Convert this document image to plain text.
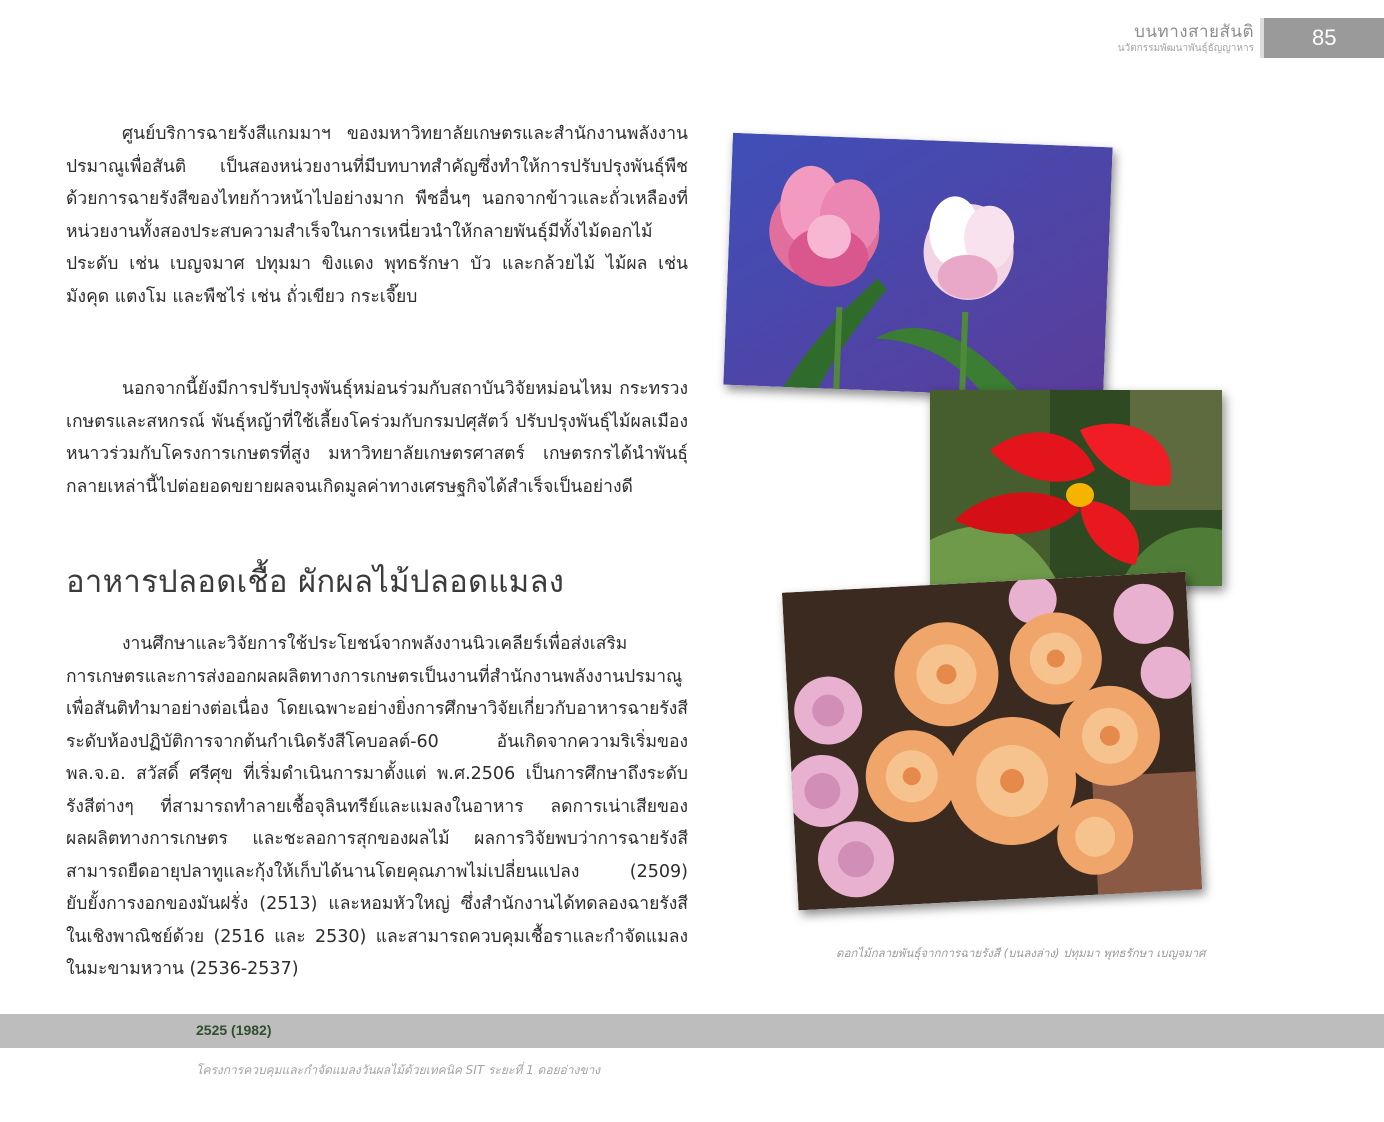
บนทางสายสันติ
นวัตกรรมพัฒนาพันธุ์ธัญญาหาร	85

ศูนย์บริการฉายรังสีแกมมาฯ ของมหาวิทยาลัยเกษตรและสำนักงานพลังงานปรมาณูเพื่อสันติ เป็นสองหน่วยงานที่มีบทบาทสำคัญซึ่งทำให้การปรับปรุงพันธุ์พืชด้วยการฉายรังสีของไทยก้าวหน้าไปอย่างมาก พืชอื่นๆ นอกจากข้าวและถั่วเหลืองที่หน่วยงานทั้งสองประสบความสำเร็จในการเหนี่ยวนำให้กลายพันธุ์มีทั้งไม้ดอกไม้ประดับ เช่น เบญจมาศ ปทุมมา ขิงแดง พุทธรักษา บัว และกล้วยไม้ ไม้ผล เช่น มังคุด แตงโม และพืชไร่ เช่น ถั่วเขียว กระเจี๊ยบ

นอกจากนี้ยังมีการปรับปรุงพันธุ์หม่อนร่วมกับสถาบันวิจัยหม่อนไหม กระทรวงเกษตรและสหกรณ์ พันธุ์หญ้าที่ใช้เลี้ยงโคร่วมกับกรมปศุสัตว์ ปรับปรุงพันธุ์ไม้ผลเมืองหนาวร่วมกับโครงการเกษตรที่สูง มหาวิทยาลัยเกษตรศาสตร์ เกษตรกรได้นำพันธุ์กลายเหล่านี้ไปต่อยอดขยายผลจนเกิดมูลค่าทางเศรษฐกิจได้สำเร็จเป็นอย่างดี

อาหารปลอดเชื้อ ผักผลไม้ปลอดแมลง

งานศึกษาและวิจัยการใช้ประโยชน์จากพลังงานนิวเคลียร์เพื่อส่งเสริมการเกษตรและการส่งออกผลผลิตทางการเกษตรเป็นงานที่สำนักงานพลังงานปรมาณูเพื่อสันติทำมาอย่างต่อเนื่อง โดยเฉพาะอย่างยิ่งการศึกษาวิจัยเกี่ยวกับอาหารฉายรังสีระดับห้องปฏิบัติการจากต้นกำเนิดรังสีโคบอลต์-60 อันเกิดจากความริเริ่มของ พล.จ.อ. สวัสดิ์ ศรีศุข ที่เริ่มดำเนินการมาตั้งแต่ พ.ศ.2506 เป็นการศึกษาถึงระดับรังสีต่างๆ ที่สามารถทำลายเชื้อจุลินทรีย์และแมลงในอาหาร ลดการเน่าเสียของผลผลิตทางการเกษตร และชะลอการสุกของผลไม้ ผลการวิจัยพบว่าการฉายรังสีสามารถยืดอายุปลาทูและกุ้งให้เก็บได้นานโดยคุณภาพไม่เปลี่ยนแปลง (2509) ยับยั้งการงอกของมันฝรั่ง (2513) และหอมหัวใหญ่ ซึ่งสำนักงานได้ทดลองฉายรังสีในเชิงพาณิชย์ด้วย (2516 และ 2530) และสามารถควบคุมเชื้อราและกำจัดแมลงในมะขามหวาน (2536-2537)

ดอกไม้กลายพันธุ์จากการฉายรังสี (บนลงล่าง) ปทุมมา พุทธรักษา เบญจมาศ

2525 (1982)

โครงการควบคุมและกำจัดแมลงวันผลไม้ด้วยเทคนิค SIT ระยะที่ 1 ดอยอ่างขาง
